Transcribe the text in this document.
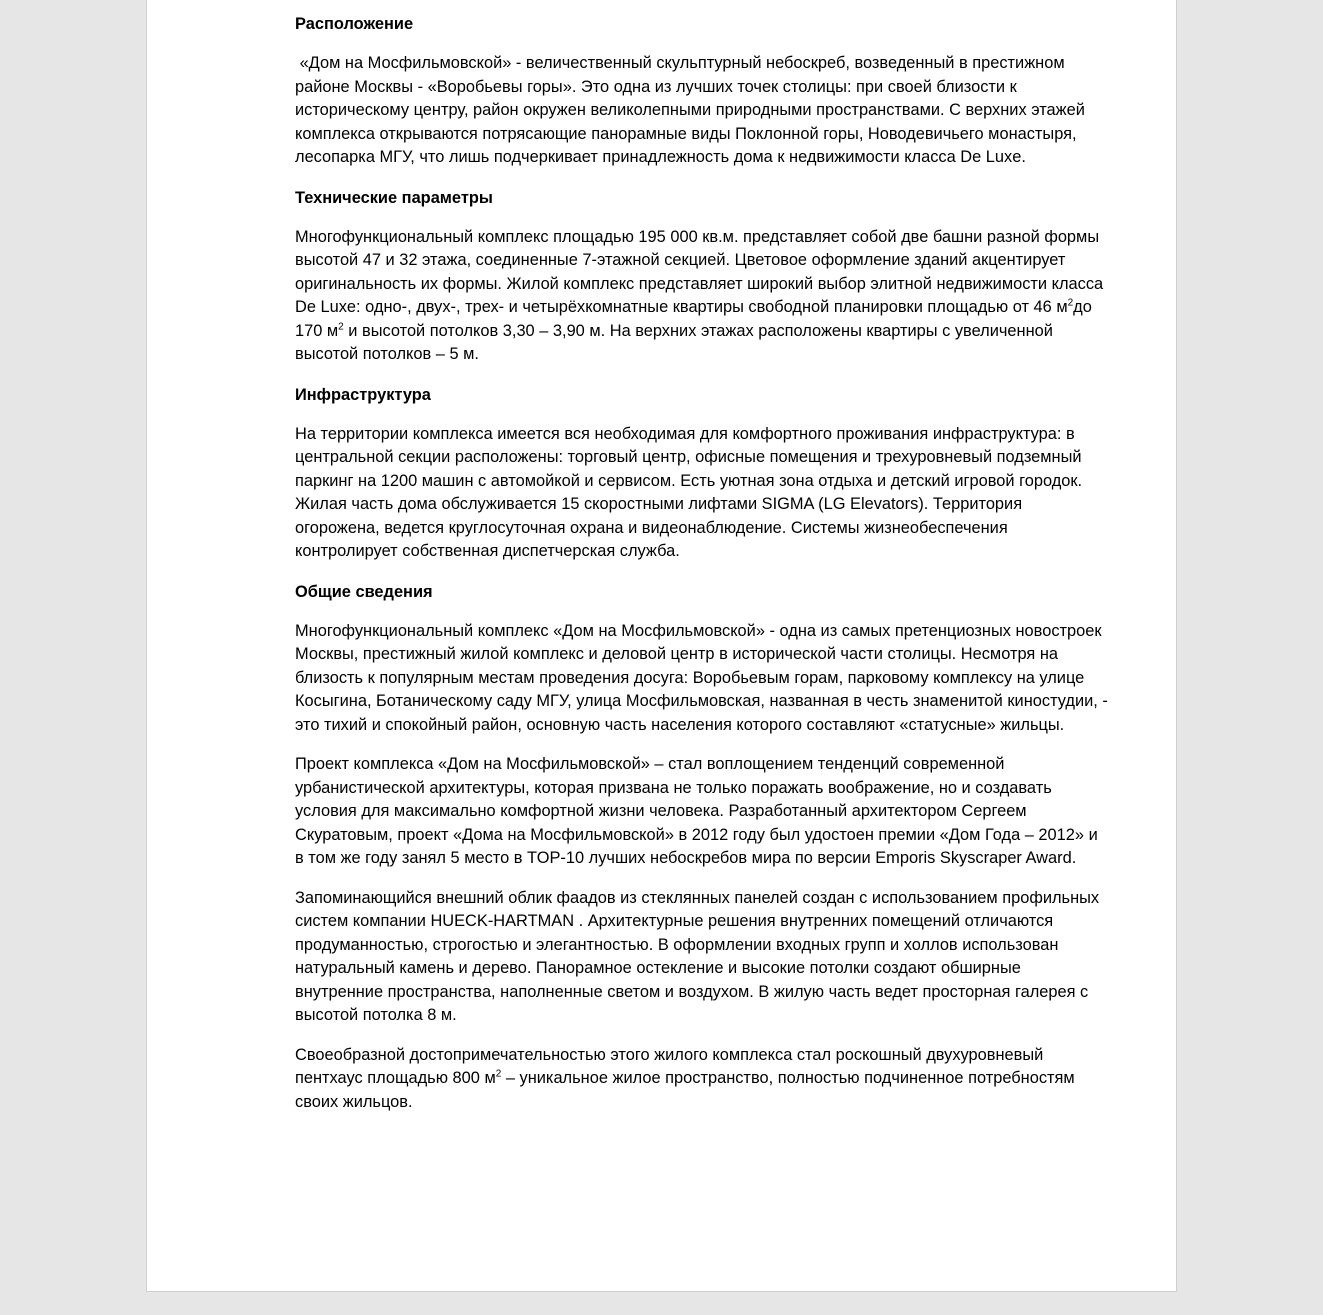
Расположение

«Дом на Мосфильмовской» - величественный скульптурный небоскреб, возведенный в престижном районе Москвы - «Воробьевы горы». Это одна из лучших точек столицы: при своей близости к историческому центру, район окружен великолепными природными пространствами. С верхних этажей комплекса открываются потрясающие панорамные виды Поклонной горы, Новодевичьего монастыря, лесопарка МГУ, что лишь подчеркивает принадлежность дома к недвижимости класса De Luxe.

Технические параметры

Многофункциональный комплекс площадью 195 000 кв.м. представляет собой две башни разной формы высотой 47 и 32 этажа, соединенные 7-этажной секцией. Цветовое оформление зданий акцентирует оригинальность их формы. Жилой комплекс представляет широкий выбор элитной недвижимости класса De Luxe: одно-, двух-, трех- и четырёхкомнатные квартиры свободной планировки площадью от 46 $м^2до$ 170 $м^2$ и высотой потолков 3,30 – 3,90 м. На верхних этажах расположены квартиры с увеличенной высотой потолков – 5 м.

Инфраструктура

На территории комплекса имеется вся необходимая для комфортного проживания инфраструктура: в центральной секции расположены: торговый центр, офисные помещения и трехуровневый подземный паркинг на 1200 машин с автомойкой и сервисом. Есть уютная зона отдыха и детский игровой городок. Жилая часть дома обслуживается 15 скоростными лифтами SIGMA (LG Elevators). Территория огорожена, ведется круглосуточная охрана и видеонаблюдение. Системы жизнеобеспечения контролирует собственная диспетчерская служба.

Общие сведения

Многофункциональный комплекс «Дом на Мосфильмовской» - одна из самых претенциозных новостроек Москвы, престижный жилой комплекс и деловой центр в исторической части столицы. Несмотря на близость к популярным местам проведения досуга: Воробьевым горам, парковому комплексу на улице Косыгина, Ботаническому саду МГУ, улица Мосфильмовская, названная в честь знаменитой киностудии, - это тихий и спокойный район, основную часть населения которого составляют «статусные» жильцы.

Проект комплекса «Дом на Мосфильмовской» – стал воплощением тенденций современной урбанистической архитектуры, которая призвана не только поражать воображение, но и создавать условия для максимально комфортной жизни человека. Разработанный архитектором Сергеем Скуратовым, проект «Дома на Мосфильмовской» в 2012 году был удостоен премии «Дом Года – 2012» и в том же году занял 5 место в TOP-10 лучших небоскребов мира по версии Emporis Skyscraper Award.

Запоминающийся внешний облик фаадов из стеклянных панелей создан с использованием профильных систем компании HUECK-HARTMAN . Архитектурные решения внутренних помещений отличаются продуманностью, строгостью и элегантностью. В оформлении входных групп и холлов использован натуральный камень и дерево. Панорамное остекление и высокие потолки создают обширные внутренние пространства, наполненные светом и воздухом. В жилую часть ведет просторная галерея с высотой потолка 8 м.

Своеобразной достопримечательностью этого жилого комплекса стал роскошный двухуровневый пентхаус площадью 800 $м^2$ – уникальное жилое пространство, полностью подчиненное потребностям своих жильцов.
